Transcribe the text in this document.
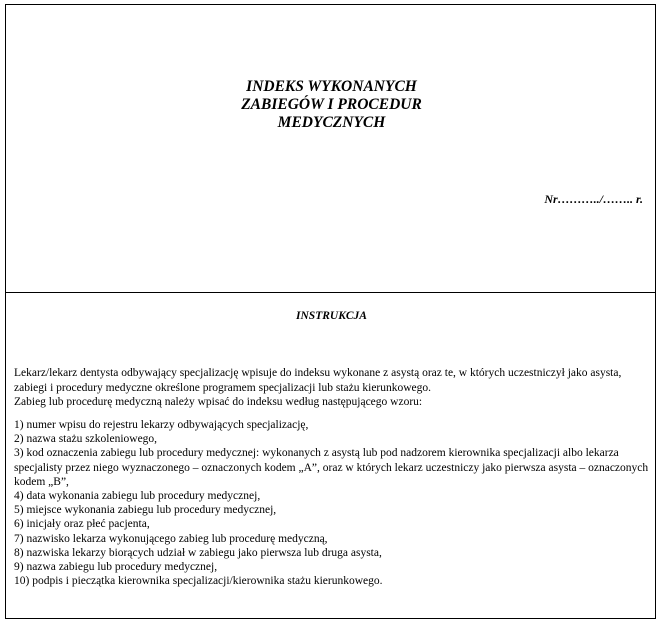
INDEKS WYKONANYCH
ZABIEGÓW I PROCEDUR
MEDYCZNYCH
Nr………../…….. r.
INSTRUKCJA

Lekarz/lekarz dentysta odbywający specjalizację wpisuje do indeksu wykonane z asystą oraz te, w których uczestniczył jako asysta, zabiegi i procedury medyczne określone programem specjalizacji lub stażu kierunkowego.

Zabieg lub procedurę medyczną należy wpisać do indeksu według następującego wzoru:

1) numer wpisu do rejestru lekarzy odbywających specjalizację,
2) nazwa stażu szkoleniowego,
3) kod oznaczenia zabiegu lub procedury medycznej: wykonanych z asystą lub pod nadzorem kierownika specjalizacji albo lekarza specjalisty przez niego wyznaczonego – oznaczonych kodem „A”, oraz w których lekarz uczestniczy jako pierwsza asysta – oznaczonych kodem „B”,
4) data wykonania zabiegu lub procedury medycznej,
5) miejsce wykonania zabiegu lub procedury medycznej,
6) inicjały oraz płeć pacjenta,
7) nazwisko lekarza wykonującego zabieg lub procedurę medyczną,
8) nazwiska lekarzy biorących udział w zabiegu jako pierwsza lub druga asysta,
9) nazwa zabiegu lub procedury medycznej,
10) podpis i pieczątka kierownika specjalizacji/kierownika stażu kierunkowego.
